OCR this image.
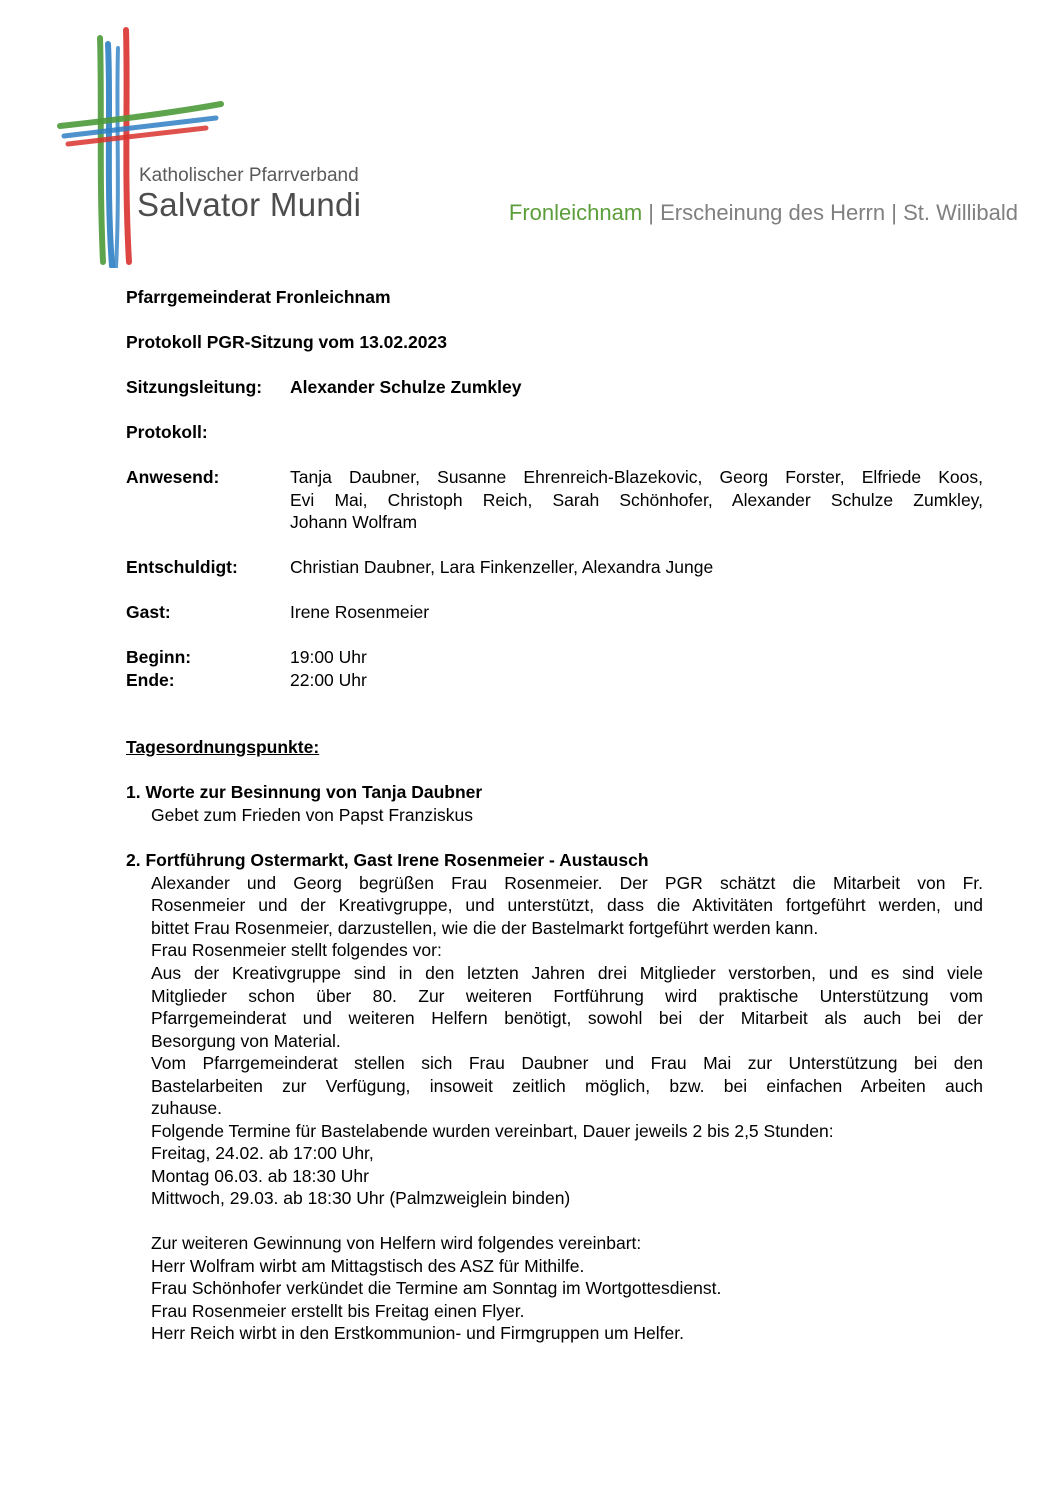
Katholischer Pfarrverband
Salvator Mundi	Fronleichnam | Erscheinung des Herrn | St. Willibald
Pfarrgemeinderat Fronleichnam
Protokoll PGR-Sitzung vom 13.02.2023
Sitzungsleitung: Alexander Schulze Zumkley
Protokoll:
Anwesend:	Tanja Daubner, Susanne Ehrenreich-Blazekovic, Georg Forster, Elfriede Koos,
Evi Mai, Christoph Reich, Sarah Schönhofer, Alexander Schulze Zumkley,
Johann Wolfram
Entschuldigt:	Christian Daubner, Lara Finkenzeller, Alexandra Junge
Gast:	Irene Rosenmeier
Beginn:	19:00 Uhr
Ende:	22:00 Uhr
Tagesordnungspunkte:
1. Worte zur Besinnung von Tanja Daubner
Gebet zum Frieden von Papst Franziskus
2. Fortführung Ostermarkt, Gast Irene Rosenmeier - Austausch
Alexander und Georg begrüßen Frau Rosenmeier. Der PGR schätzt die Mitarbeit von Fr.
Rosenmeier und der Kreativgruppe, und unterstützt, dass die Aktivitäten fortgeführt werden, und
bittet Frau Rosenmeier, darzustellen, wie die der Bastelmarkt fortgeführt werden kann.
Frau Rosenmeier stellt folgendes vor:
Aus der Kreativgruppe sind in den letzten Jahren drei Mitglieder verstorben, und es sind viele
Mitglieder schon über 80. Zur weiteren Fortführung wird praktische Unterstützung vom
Pfarrgemeinderat und weiteren Helfern benötigt, sowohl bei der Mitarbeit als auch bei der
Besorgung von Material.
Vom Pfarrgemeinderat stellen sich Frau Daubner und Frau Mai zur Unterstützung bei den
Bastelarbeiten zur Verfügung, insoweit zeitlich möglich, bzw. bei einfachen Arbeiten auch
zuhause.
Folgende Termine für Bastelabende wurden vereinbart, Dauer jeweils 2 bis 2,5 Stunden:
Freitag, 24.02. ab 17:00 Uhr,
Montag 06.03. ab 18:30 Uhr
Mittwoch, 29.03. ab 18:30 Uhr (Palmzweiglein binden)
Zur weiteren Gewinnung von Helfern wird folgendes vereinbart:
Herr Wolfram wirbt am Mittagstisch des ASZ für Mithilfe.
Frau Schönhofer verkündet die Termine am Sonntag im Wortgottesdienst.
Frau Rosenmeier erstellt bis Freitag einen Flyer.
Herr Reich wirbt in den Erstkommunion- und Firmgruppen um Helfer.
